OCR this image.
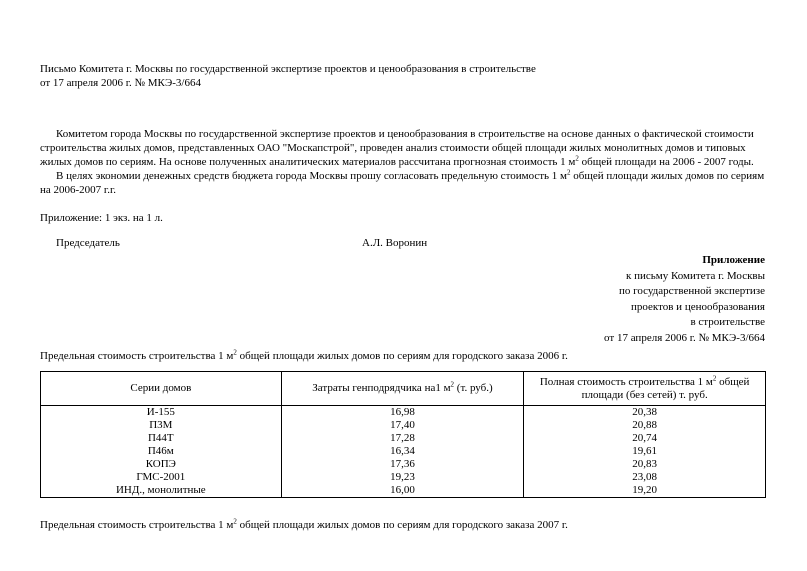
Письмо Комитета г. Москвы по государственной экспертизе проектов и ценообразования в строительстве
от 17 апреля 2006 г. № МКЭ-3/664
Комитетом города Москвы по государственной экспертизе проектов и ценообразования в строительстве на основе данных о фактической стоимости строительства жилых домов, представленных ОАО "Москапстрой", проведен анализ стоимости общей площади жилых монолитных домов и типовых жилых домов по сериям. На основе полученных аналитических материалов рассчитана прогнозная стоимость 1 $м^2$ общей площади на 2006 - 2007 годы.
В целях экономии денежных средств бюджета города Москвы прошу согласовать предельную стоимость 1 $м^2$ общей площади жилых домов по сериям на 2006-2007 г.г.
Приложение: 1 экз. на 1 л.
Председатель	А.Л. Воронин
Приложение
к письму Комитета г. Москвы
по государственной экспертизе
проектов и ценообразования
в строительстве
от 17 апреля 2006 г. № МКЭ-3/664
Предельная стоимость строительства 1 $м^2$ общей площади жилых домов по сериям для городского заказа 2006 г.
Серии домов	Затраты генподрядчика на1 $м^2$ (т. руб.)	Полная стоимость строительства 1 $м^2$ общей площади (без сетей) т. руб.
И-155	16,98	20,38
П3М	17,40	20,88
П44Т	17,28	20,74
П46м	16,34	19,61
КОПЭ	17,36	20,83
ГМС-2001	19,23	23,08
ИНД., монолитные	16,00	19,20
Предельная стоимость строительства 1 $м^2$ общей площади жилых домов по сериям для городского заказа 2007 г.
